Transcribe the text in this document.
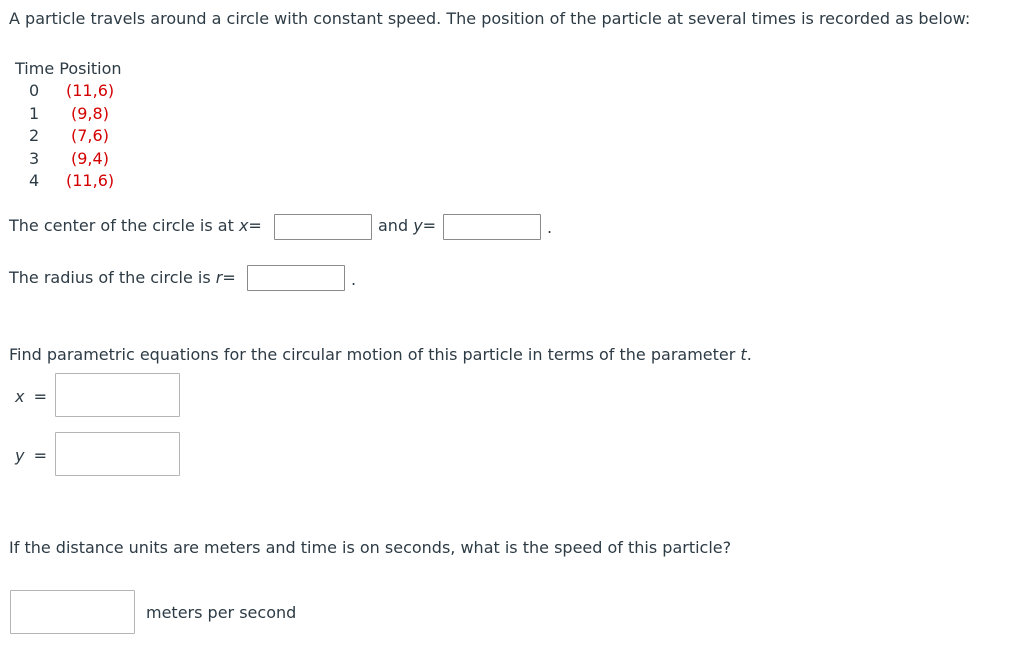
A particle travels around a circle with constant speed. The position of the particle at several times is recorded as below:
Time Position
0 (11,6)
1 (9,8)
2 (7,6)
3 (9,4)
4 (11,6)
The center of the circle is at x=	and y=	.
The radius of the circle is r=	.
Find parametric equations for the circular motion of this particle in terms of the parameter t.
x =
y =
If the distance units are meters and time is on seconds, what is the speed of this particle?
meters per second
